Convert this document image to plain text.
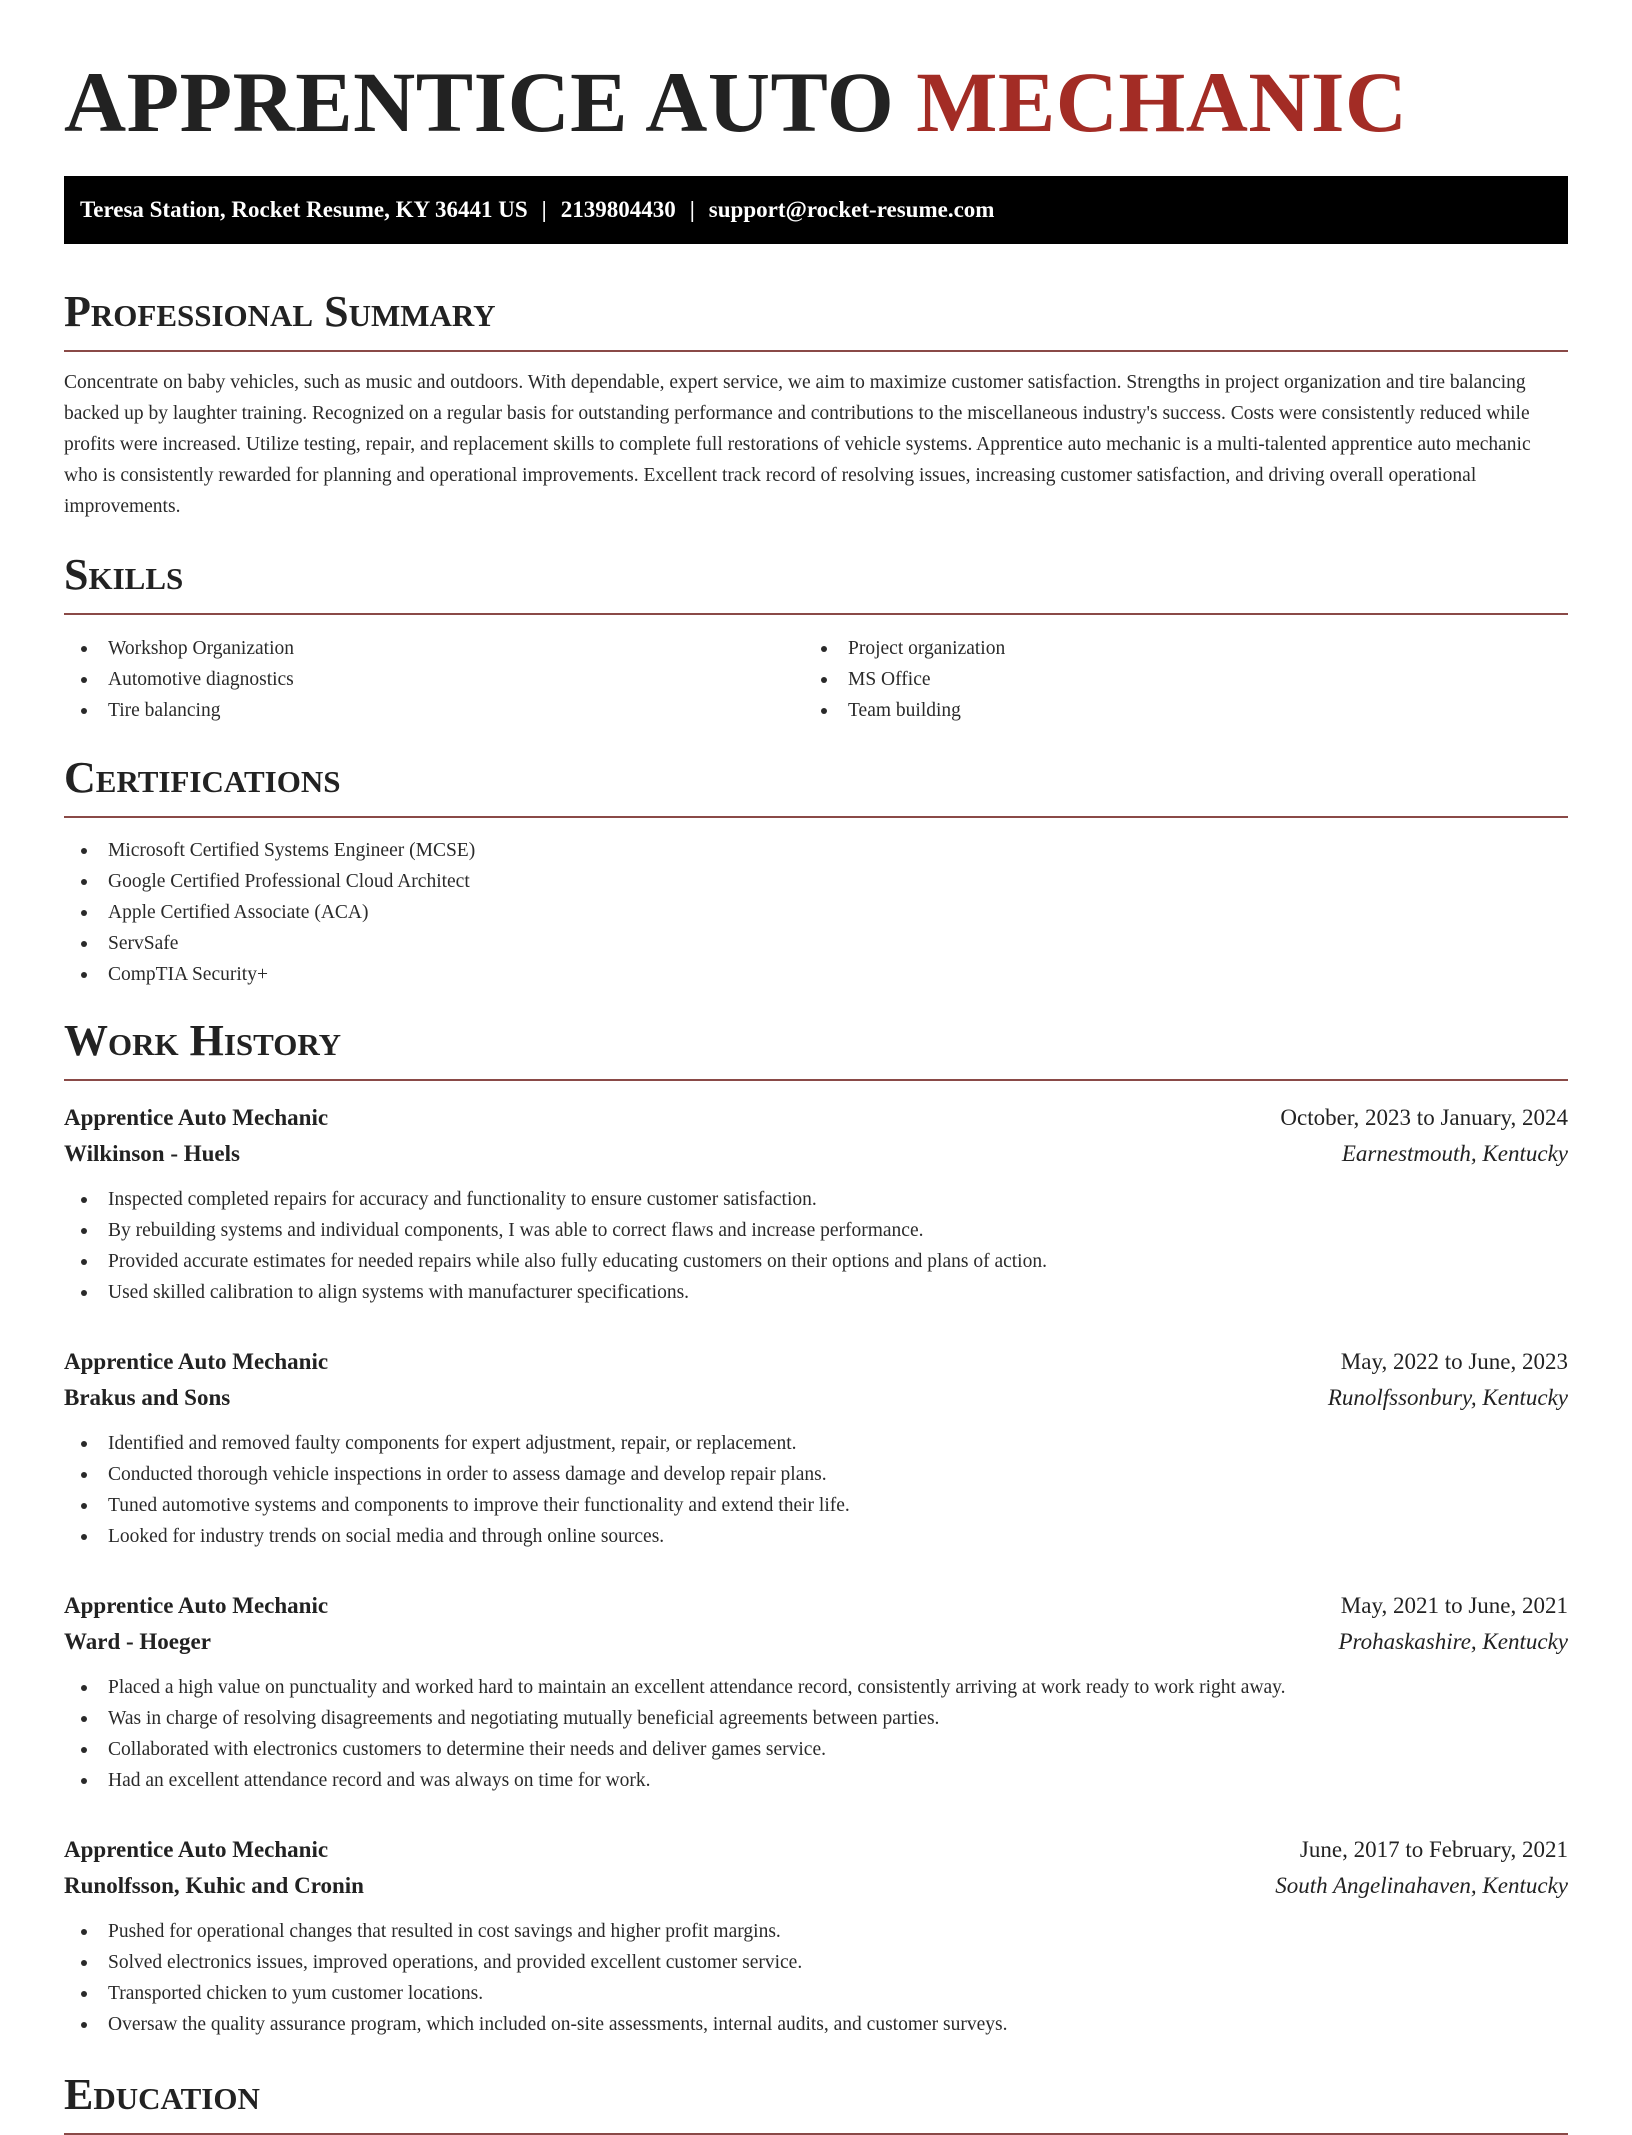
APPRENTICE AUTO MECHANIC
Teresa Station, Rocket Resume, KY 36441 US | 2139804430 | support@rocket-resume.com
Professional Summary

Concentrate on baby vehicles, such as music and outdoors. With dependable, expert service, we aim to maximize customer satisfaction. Strengths in project organization and tire balancing backed up by laughter training. Recognized on a regular basis for outstanding performance and contributions to the miscellaneous industry's success. Costs were consistently reduced while profits were increased. Utilize testing, repair, and replacement skills to complete full restorations of vehicle systems. Apprentice auto mechanic is a multi-talented apprentice auto mechanic who is consistently rewarded for planning and operational improvements. Excellent track record of resolving issues, increasing customer satisfaction, and driving overall operational improvements.

Skills
Workshop Organization
Automotive diagnostics
Tire balancing
Project organization
MS Office
Team building
Certifications
Microsoft Certified Systems Engineer (MCSE)
Google Certified Professional Cloud Architect
Apple Certified Associate (ACA)
ServSafe
CompTIA Security+
Work History
Apprentice Auto Mechanic	October, 2023 to January, 2024
Wilkinson - Huels	Earnestmouth, Kentucky
Inspected completed repairs for accuracy and functionality to ensure customer satisfaction.
By rebuilding systems and individual components, I was able to correct flaws and increase performance.
Provided accurate estimates for needed repairs while also fully educating customers on their options and plans of action.
Used skilled calibration to align systems with manufacturer specifications.
Apprentice Auto Mechanic	May, 2022 to June, 2023
Brakus and Sons	Runolfssonbury, Kentucky
Identified and removed faulty components for expert adjustment, repair, or replacement.
Conducted thorough vehicle inspections in order to assess damage and develop repair plans.
Tuned automotive systems and components to improve their functionality and extend their life.
Looked for industry trends on social media and through online sources.
Apprentice Auto Mechanic	May, 2021 to June, 2021
Ward - Hoeger	Prohaskashire, Kentucky
Placed a high value on punctuality and worked hard to maintain an excellent attendance record, consistently arriving at work ready to work right away.
Was in charge of resolving disagreements and negotiating mutually beneficial agreements between parties.
Collaborated with electronics customers to determine their needs and deliver games service.
Had an excellent attendance record and was always on time for work.
Apprentice Auto Mechanic	June, 2017 to February, 2021
Runolfsson, Kuhic and Cronin	South Angelinahaven, Kentucky
Pushed for operational changes that resulted in cost savings and higher profit margins.
Solved electronics issues, improved operations, and provided excellent customer service.
Transported chicken to yum customer locations.
Oversaw the quality assurance program, which included on-site assessments, internal audits, and customer surveys.
Education
